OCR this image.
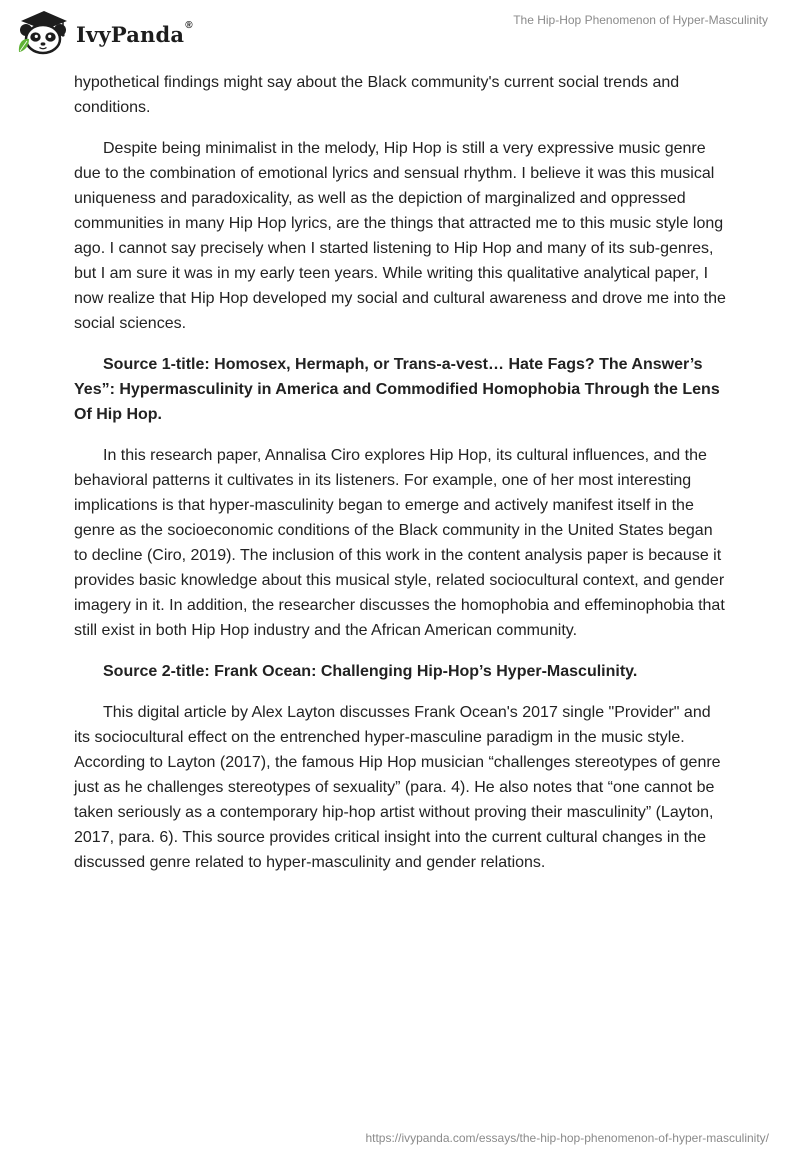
IvyPanda®	The Hip-Hop Phenomenon of Hyper-Masculinity

hypothetical findings might say about the Black community's current social trends and conditions.

Despite being minimalist in the melody, Hip Hop is still a very expressive music genre due to the combination of emotional lyrics and sensual rhythm. I believe it was this musical uniqueness and paradoxicality, as well as the depiction of marginalized and oppressed communities in many Hip Hop lyrics, are the things that attracted me to this music style long ago. I cannot say precisely when I started listening to Hip Hop and many of its sub-genres, but I am sure it was in my early teen years. While writing this qualitative analytical paper, I now realize that Hip Hop developed my social and cultural awareness and drove me into the social sciences.

Source 1-title: Homosex, Hermaph, or Trans-a-vest… Hate Fags? The Answer’s Yes”: Hypermasculinity in America and Commodified Homophobia Through the Lens Of Hip Hop.

In this research paper, Annalisa Ciro explores Hip Hop, its cultural influences, and the behavioral patterns it cultivates in its listeners. For example, one of her most interesting implications is that hyper-masculinity began to emerge and actively manifest itself in the genre as the socioeconomic conditions of the Black community in the United States began to decline (Ciro, 2019). The inclusion of this work in the content analysis paper is because it provides basic knowledge about this musical style, related sociocultural context, and gender imagery in it. In addition, the researcher discusses the homophobia and effeminophobia that still exist in both Hip Hop industry and the African American community.

Source 2-title: Frank Ocean: Challenging Hip-Hop’s Hyper-Masculinity.

This digital article by Alex Layton discusses Frank Ocean's 2017 single "Provider" and its sociocultural effect on the entrenched hyper-masculine paradigm in the music style. According to Layton (2017), the famous Hip Hop musician “challenges stereotypes of genre just as he challenges stereotypes of sexuality” (para. 4). He also notes that “one cannot be taken seriously as a contemporary hip-hop artist without proving their masculinity” (Layton, 2017, para. 6). This source provides critical insight into the current cultural changes in the discussed genre related to hyper-masculinity and gender relations.

https://ivypanda.com/essays/the-hip-hop-phenomenon-of-hyper-masculinity/
